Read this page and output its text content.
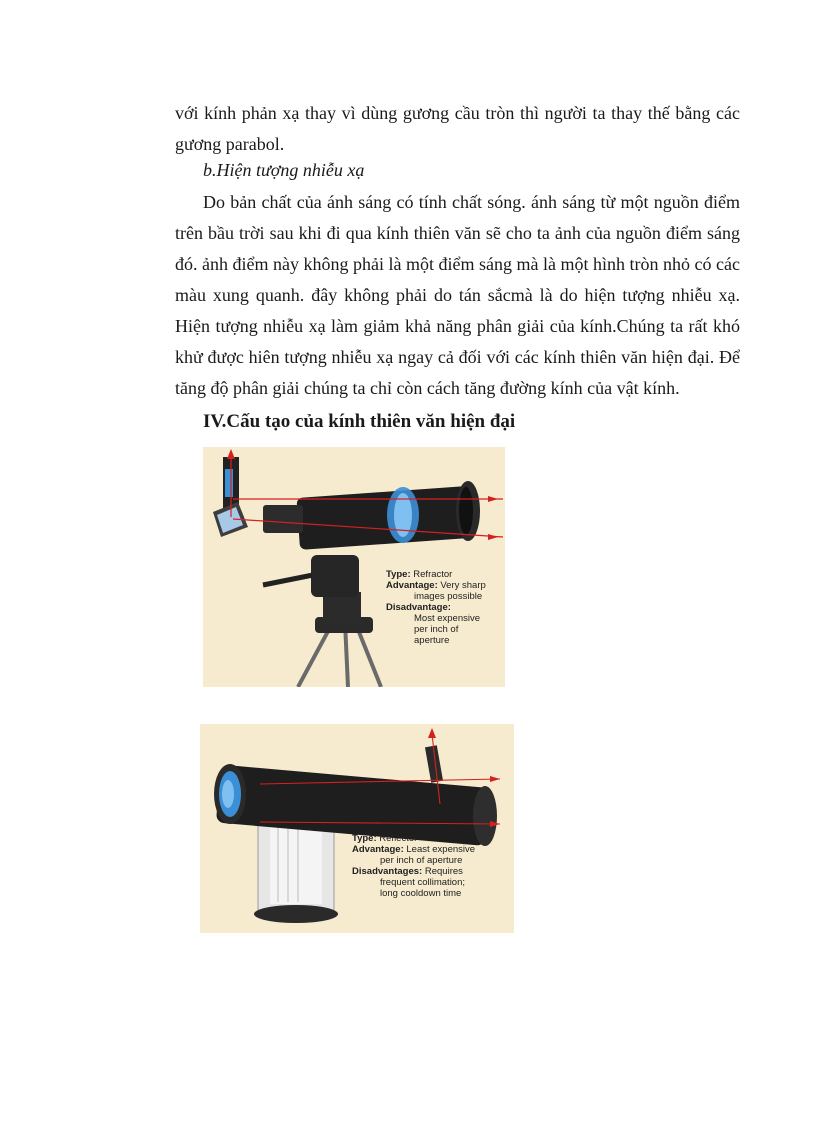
với kính phản xạ thay vì dùng gương cầu tròn thì người ta thay thế bằng các gương parabol.

b.Hiện tượng nhiễu xạ

Do bản chất của ánh sáng có tính chất sóng. ánh sáng từ một nguồn điểm trên bầu trời sau khi đi qua kính thiên văn sẽ cho ta ảnh của nguồn điểm sáng đó. ảnh điểm này không phải là một điểm sáng mà là một hình tròn nhỏ có các màu xung quanh. đây không phải do tán sắcmà là do hiện tượng nhiễu xạ. Hiện tượng nhiễu xạ làm giảm khả năng phân giải của kính.Chúng ta rất khó khử được hiên tượng nhiễu xạ ngay cả đối với các kính thiên văn hiện đại. Để tăng độ phân giải chúng ta chỉ còn cách tăng đường kính của vật kính.

IV.Cấu tạo của kính thiên văn hiện đại
Type: Refractor
Advantage: Very sharp
images possible
Disadvantage:
Most expensive
per inch of
aperture
Type: Reflector
Advantage: Least expensive
per inch of aperture
Disadvantages: Requires
frequent collimation;
long cooldown time
